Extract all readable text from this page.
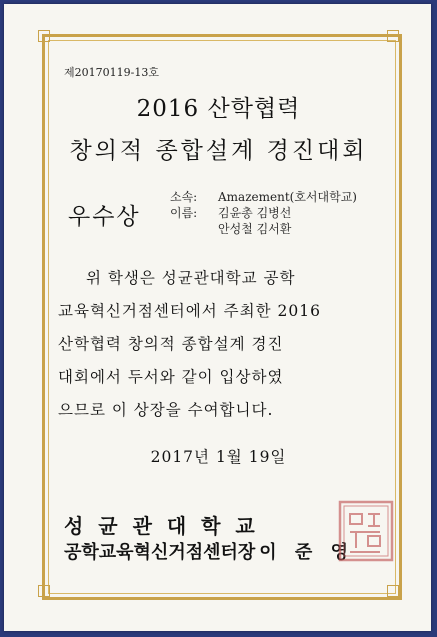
제20170119-13호
2016 산학협력
창의적 종합설계 경진대회
우수상
소속:	Amazement(호서대학교)
이름:	김윤총 김병선
안성철 김서환
위 학생은 성균관대학교 공학
교육혁신거점센터에서 주최한 2016
산학협력 창의적 종합설계 경진
대회에서 두서와 같이 입상하였
으므로 이 상장을 수여합니다.
2017년 1월 19일
성 균 관 대 학 교
공학교육혁신거점센터장 이 준 영
